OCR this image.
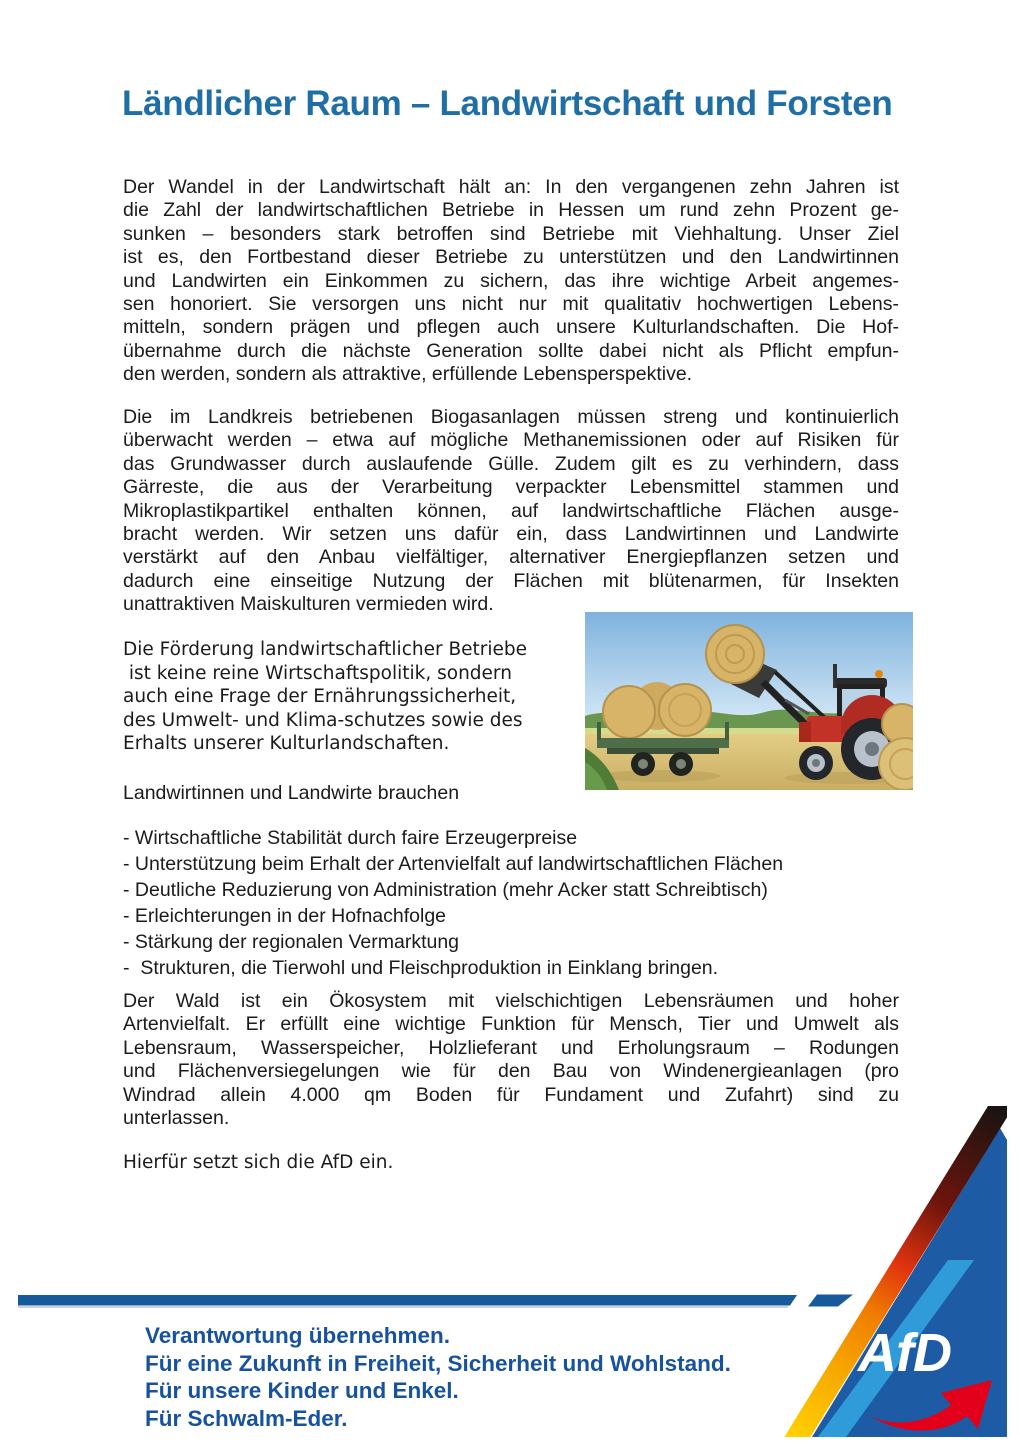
Ländlicher Raum – Landwirtschaft und Forsten
Der Wandel in der Landwirtschaft hält an: In den vergangenen zehn Jahren ist
die Zahl der landwirtschaftlichen Betriebe in Hessen um rund zehn Prozent ge-
sunken – besonders stark betroffen sind Betriebe mit Viehhaltung. Unser Ziel
ist es, den Fortbestand dieser Betriebe zu unterstützen und den Landwirtinnen
und Landwirten ein Einkommen zu sichern, das ihre wichtige Arbeit angemes-
sen honoriert. Sie versorgen uns nicht nur mit qualitativ hochwertigen Lebens-
mitteln, sondern prägen und pflegen auch unsere Kulturlandschaften. Die Hof-
übernahme durch die nächste Generation sollte dabei nicht als Pflicht empfun-
den werden, sondern als attraktive, erfüllende Lebensperspektive.
Die im Landkreis betriebenen Biogasanlagen müssen streng und kontinuierlich
überwacht werden – etwa auf mögliche Methanemissionen oder auf Risiken für
das Grundwasser durch auslaufende Gülle. Zudem gilt es zu verhindern, dass
Gärreste, die aus der Verarbeitung verpackter Lebensmittel stammen und
Mikroplastikpartikel enthalten können, auf landwirtschaftliche Flächen ausge-
bracht werden. Wir setzen uns dafür ein, dass Landwirtinnen und Landwirte
verstärkt auf den Anbau vielfältiger, alternativer Energiepflanzen setzen und
dadurch eine einseitige Nutzung der Flächen mit blütenarmen, für Insekten
unattraktiven Maiskulturen vermieden wird.
Die Förderung landwirtschaftlicher Betriebe
ist keine reine Wirtschaftspolitik, sondern
auch eine Frage der Ernährungssicherheit,
des Umwelt- und Klima-schutzes sowie des
Erhalts unserer Kulturlandschaften.
Landwirtinnen und Landwirte brauchen
- Wirtschaftliche Stabilität durch faire Erzeugerpreise
- Unterstützung beim Erhalt der Artenvielfalt auf landwirtschaftlichen Flächen
- Deutliche Reduzierung von Administration (mehr Acker statt Schreibtisch)
- Erleichterungen in der Hofnachfolge
- Stärkung der regionalen Vermarktung
-  Strukturen, die Tierwohl und Fleischproduktion in Einklang bringen.
Der Wald ist ein Ökosystem mit vielschichtigen Lebensräumen und hoher
Artenvielfalt. Er erfüllt eine wichtige Funktion für Mensch, Tier und Umwelt als
Lebensraum, Wasserspeicher, Holzlieferant und Erholungsraum – Rodungen
und Flächenversiegelungen wie für den Bau von Windenergieanlagen (pro
Windrad allein 4.000 qm Boden für Fundament und Zufahrt) sind zu
unterlassen.
Hierfür setzt sich die AfD ein.
AfD
Verantwortung übernehmen.
Für eine Zukunft in Freiheit, Sicherheit und Wohlstand.
Für unsere Kinder und Enkel.
Für Schwalm-Eder.
